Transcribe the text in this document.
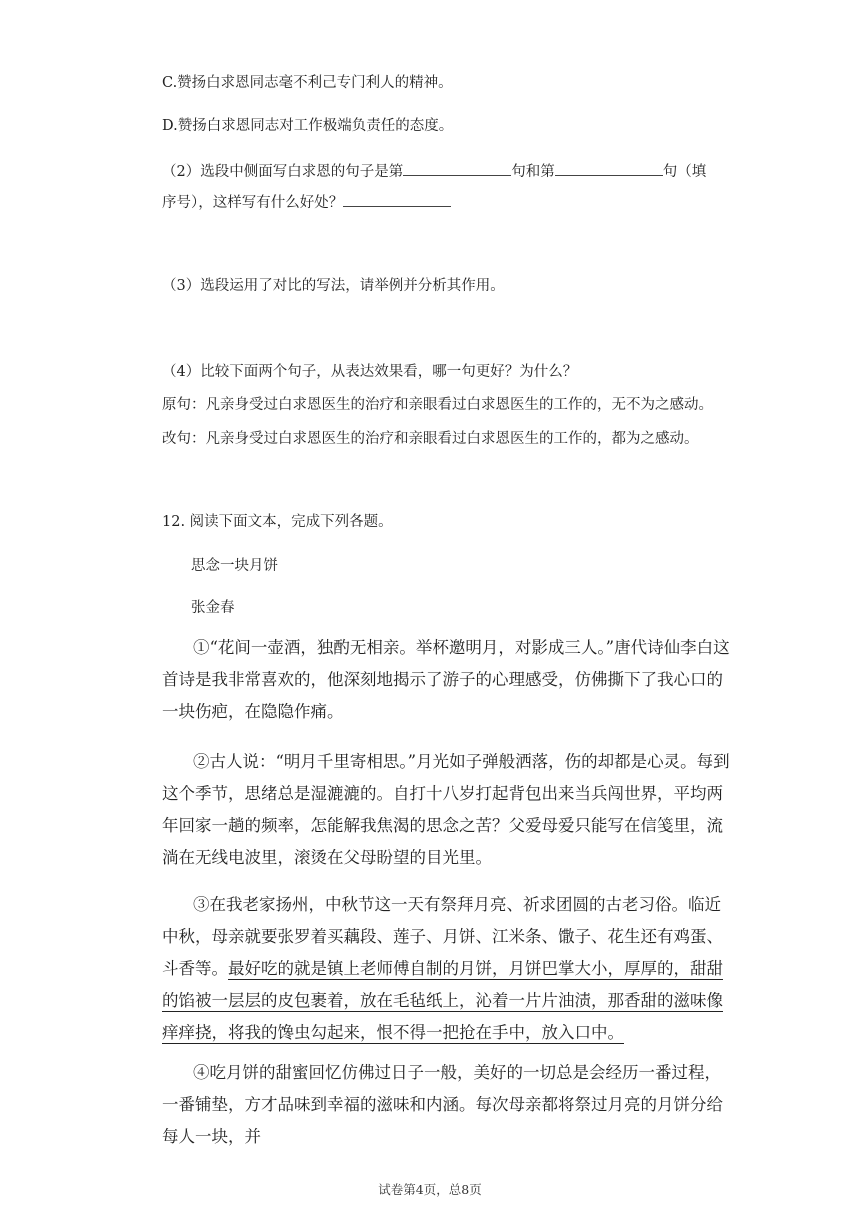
C.赞扬白求恩同志毫不利己专门利人的精神。
D.赞扬白求恩同志对工作极端负责任的态度。
（2）选段中侧面写白求恩的句子是第	句和第	句（填
序号），这样写有什么好处？
（3）选段运用了对比的写法，请举例并分析其作用。
（4）比较下面两个句子，从表达效果看，哪一句更好？为什么？
原句：凡亲身受过白求恩医生的治疗和亲眼看过白求恩医生的工作的，无不为之感动。
改句：凡亲身受过白求恩医生的治疗和亲眼看过白求恩医生的工作的，都为之感动。
12. 阅读下面文本，完成下列各题。
思念一块月饼
张金春
①“花间一壶酒，独酌无相亲。举杯邀明月，对影成三人。”唐代诗仙李白这首诗是我非常喜欢的，他深刻地揭示了游子的心理感受，仿佛撕下了我心口的一块伤疤，在隐隐作痛。
②古人说：“明月千里寄相思。”月光如子弹般洒落，伤的却都是心灵。每到这个季节，思绪总是湿漉漉的。自打十八岁打起背包出来当兵闯世界，平均两年回家一趟的频率，怎能解我焦渴的思念之苦？父爱母爱只能写在信笺里，流淌在无线电波里，滚烫在父母盼望的目光里。
③在我老家扬州，中秋节这一天有祭拜月亮、祈求团圆的古老习俗。临近中秋，母亲就要张罗着买藕段、莲子、月饼、江米条、馓子、花生还有鸡蛋、斗香等。最好吃的就是镇上老师傅自制的月饼，月饼巴掌大小，厚厚的，甜甜的馅被一层层的皮包裹着，放在毛毡纸上，沁着一片片油渍，那香甜的滋味像痒痒挠，将我的馋虫勾起来，恨不得一把抢在手中，放入口中。
④吃月饼的甜蜜回忆仿佛过日子一般，美好的一切总是会经历一番过程，一番铺垫，方才品味到幸福的滋味和内涵。每次母亲都将祭过月亮的月饼分给每人一块，并
试卷第4页，总8页
